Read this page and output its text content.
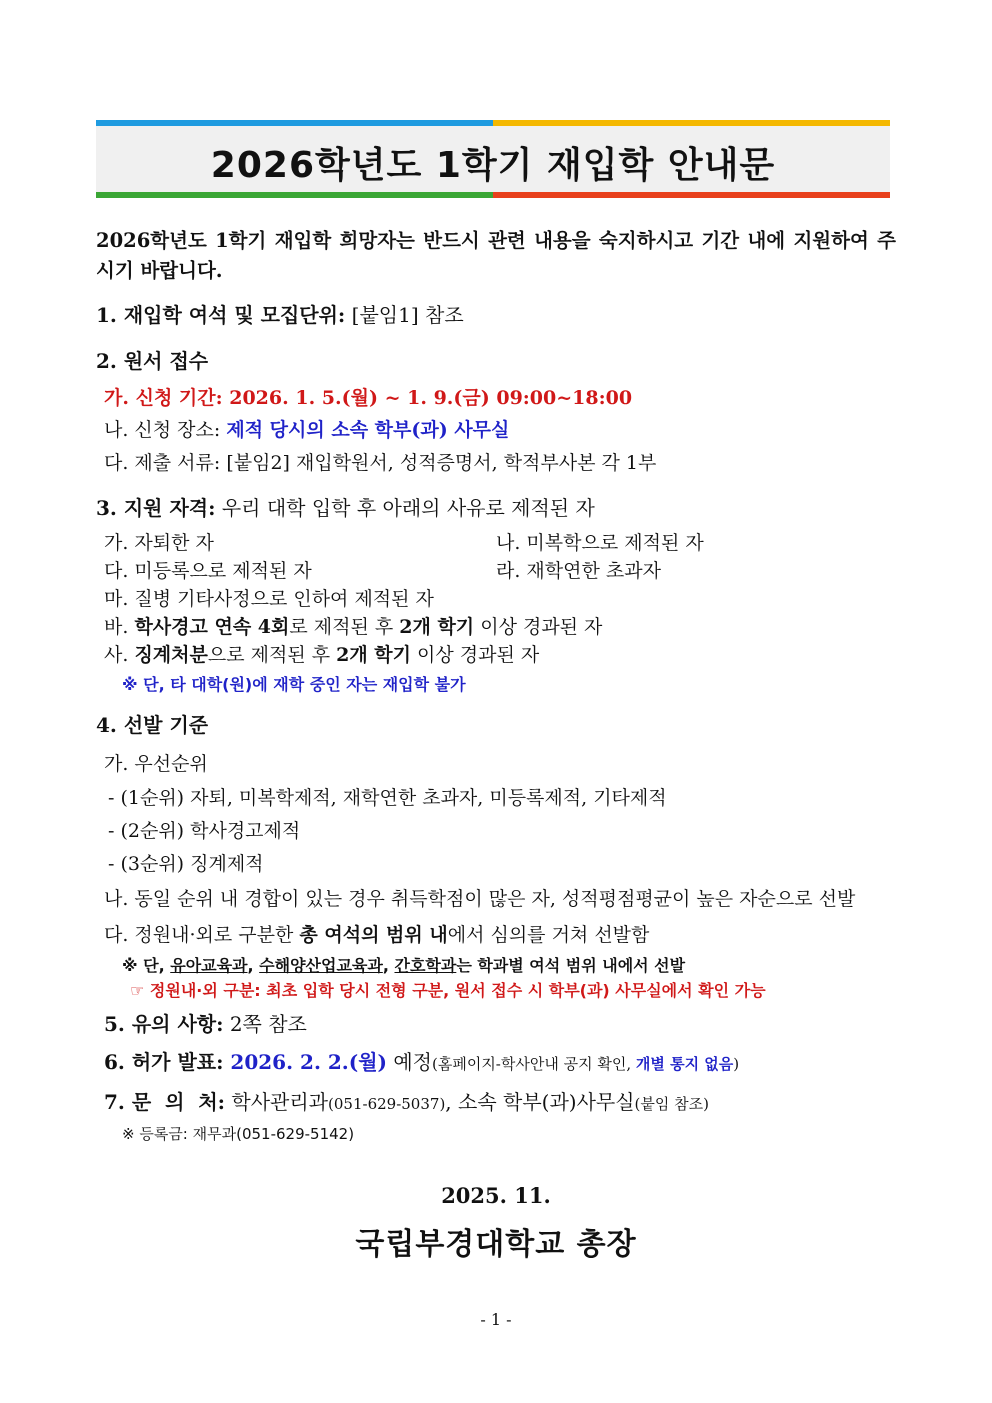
2026학년도 1학기 재입학 안내문
2026학년도 1학기 재입학 희망자는 반드시 관련 내용을 숙지하시고 기간 내에 지원하여 주시기 바랍니다.
1. 재입학 여석 및 모집단위: [붙임1] 참조
2. 원서 접수
가. 신청 기간: 2026. 1. 5.(월) ~ 1. 9.(금) 09:00~18:00
나. 신청 장소: 제적 당시의 소속 학부(과) 사무실
다. 제출 서류: [붙임2] 재입학원서, 성적증명서, 학적부사본 각 1부
3. 지원 자격: 우리 대학 입학 후 아래의 사유로 제적된 자
가. 자퇴한 자	나. 미복학으로 제적된 자
다. 미등록으로 제적된 자	라. 재학연한 초과자
마. 질병 기타사정으로 인하여 제적된 자
바. 학사경고 연속 4회로 제적된 후 2개 학기 이상 경과된 자
사. 징계처분으로 제적된 후 2개 학기 이상 경과된 자
※ 단, 타 대학(원)에 재학 중인 자는 재입학 불가
4. 선발 기준
가. 우선순위
- (1순위) 자퇴, 미복학제적, 재학연한 초과자, 미등록제적, 기타제적
- (2순위) 학사경고제적
- (3순위) 징계제적
나. 동일 순위 내 경합이 있는 경우 취득학점이 많은 자, 성적평점평균이 높은 자순으로 선발
다. 정원내·외로 구분한 총 여석의 범위 내에서 심의를 거쳐 선발함
※ 단, 유아교육과, 수해양산업교육과, 간호학과는 학과별 여석 범위 내에서 선발
☞ 정원내·외 구분: 최초 입학 당시 전형 구분, 원서 접수 시 학부(과) 사무실에서 확인 가능
5. 유의 사항: 2쪽 참조
6. 허가 발표: 2026. 2. 2.(월) 예정(홈페이지-학사안내 공지 확인, 개별 통지 없음)
7. 문  의  처: 학사관리과(051-629-5037), 소속 학부(과)사무실(붙임 참조)
※ 등록금: 재무과(051-629-5142)
2025. 11.
국립부경대학교 총장
- 1 -
